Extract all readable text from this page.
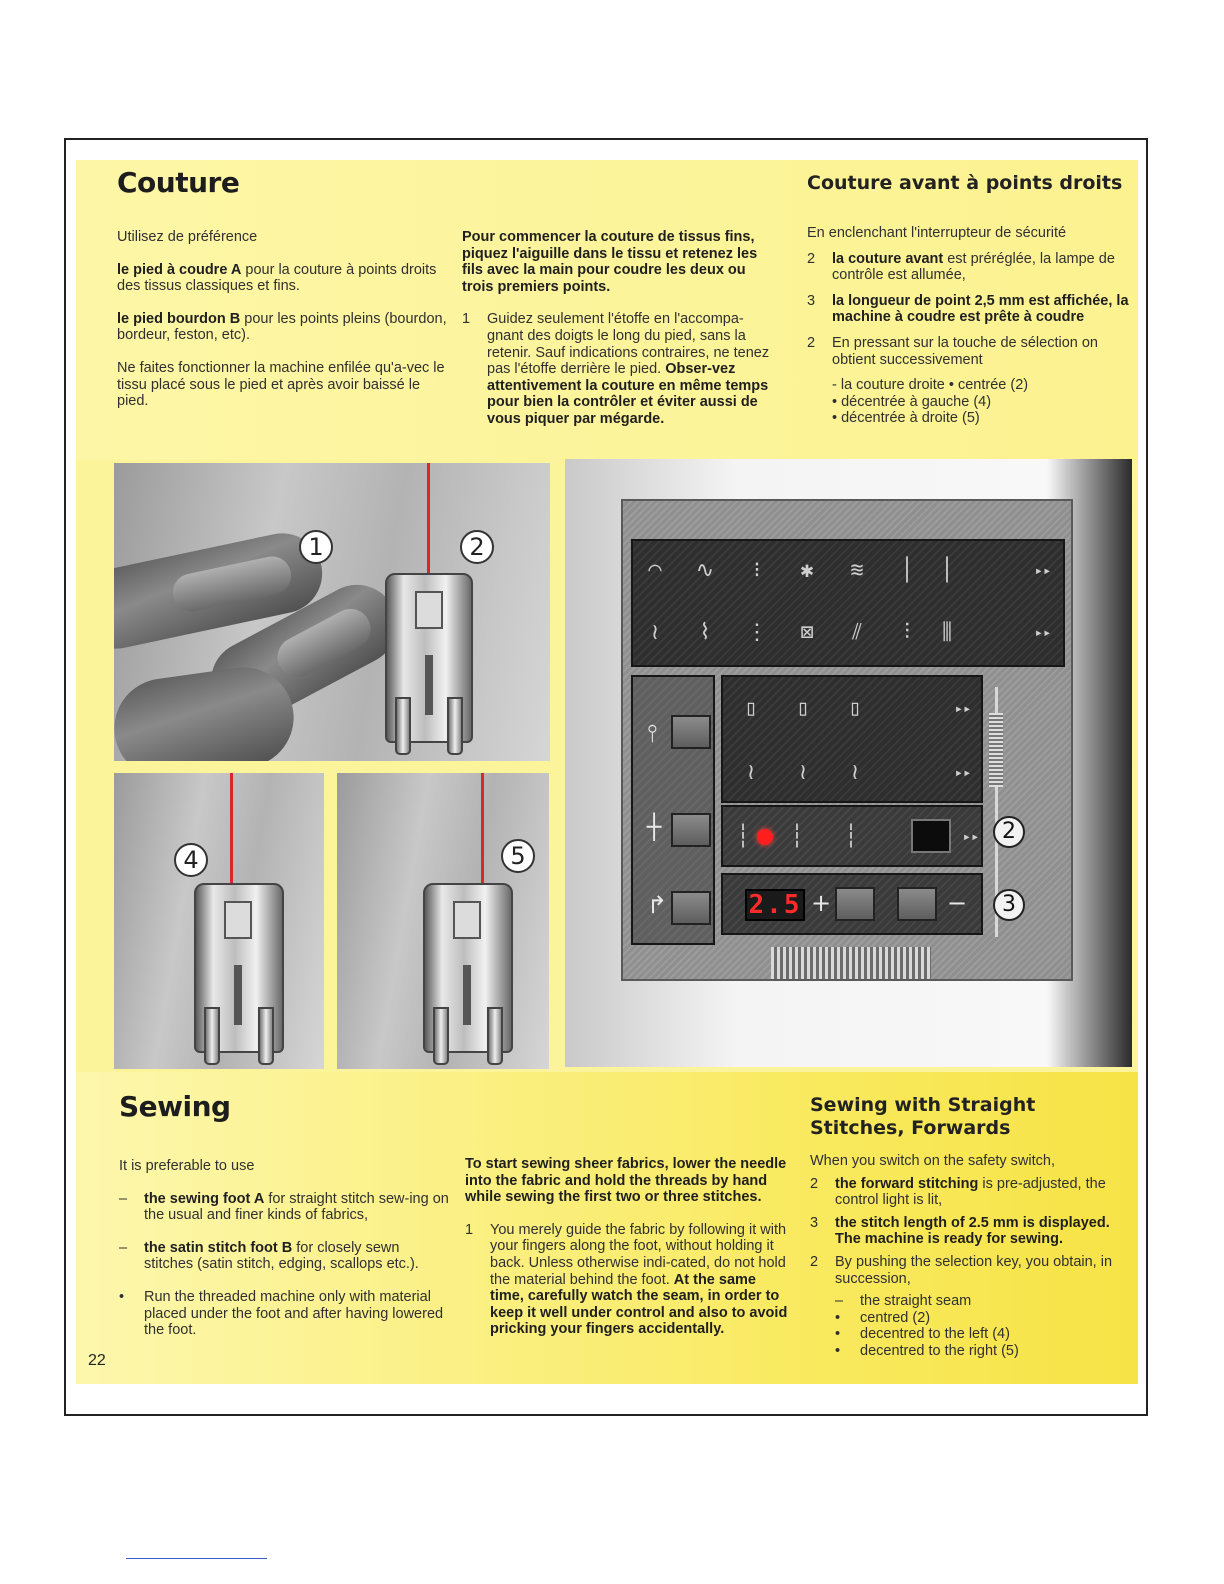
Couture

Utilisez de préférence

le pied à coudre A pour la couture à points droits des tissus classiques et fins.

le pied bourdon B pour les points pleins (bourdon, bordeur, feston, etc).

Ne faites fonctionner la machine enfilée qu'a-vec le tissu placé sous le pied et après avoir baissé le pied.

Pour commencer la couture de tissus fins, piquez l'aiguille dans le tissu et retenez les fils avec la main pour coudre les deux ou trois premiers points.

1 Guidez seulement l'étoffe en l'accompa-gnant des doigts le long du pied, sans la retenir. Sauf indications contraires, ne tenez pas l'étoffe derrière le pied. Obser-vez attentivement la couture en même temps pour bien la contrôler et éviter aussi de vous piquer par mégarde.
Couture avant à points droits

En enclenchant l'interrupteur de sécurité

2 la couture avant est préréglée, la lampe de contrôle est allumée,
3 la longueur de point 2,5 mm est affichée, la machine à coudre est prête à coudre
2 En pressant sur la touche de sélection on obtient successivement

- la couture droite • centrée (2)

• décentrée à gauche (4)

• décentrée à droite (5)

1	2
4	5
◠	∿	⁝	✱	≋	│	│	▸▸
≀	⌇	⋮	⊠	⫽	⫶	⫼	▸▸
⫯
┼
↱
▯	▯	▯	▸▸
≀	≀	≀	▸▸
┆	┆	┆	▸▸
2.5 +	−
2
3
Sewing

It is preferable to use

– the sewing foot A for straight stitch sew-ing on the usual and finer kinds of fabrics,
– the satin stitch foot B for closely sewn stitches (satin stitch, edging, scallops etc.).
• Run the threaded machine only with material placed under the foot and after having lowered the foot.

To start sewing sheer fabrics, lower the needle into the fabric and hold the threads by hand while sewing the first two or three stitches.

1 You merely guide the fabric by following it with your fingers along the foot, without holding it back. Unless otherwise indi-cated, do not hold the material behind the foot. At the same time, carefully watch the seam, in order to keep it well under control and also to avoid pricking your fingers accidentally.
Sewing with Straight Stitches, Forwards

When you switch on the safety switch,

2 the forward stitching is pre-adjusted, the control light is lit,
3 the stitch length of 2.5 mm is displayed. The machine is ready for sewing.
2 By pushing the selection key, you obtain, in succession,
– the straight seam
• centred (2)
• decentred to the left (4)
• decentred to the right (5)
22
